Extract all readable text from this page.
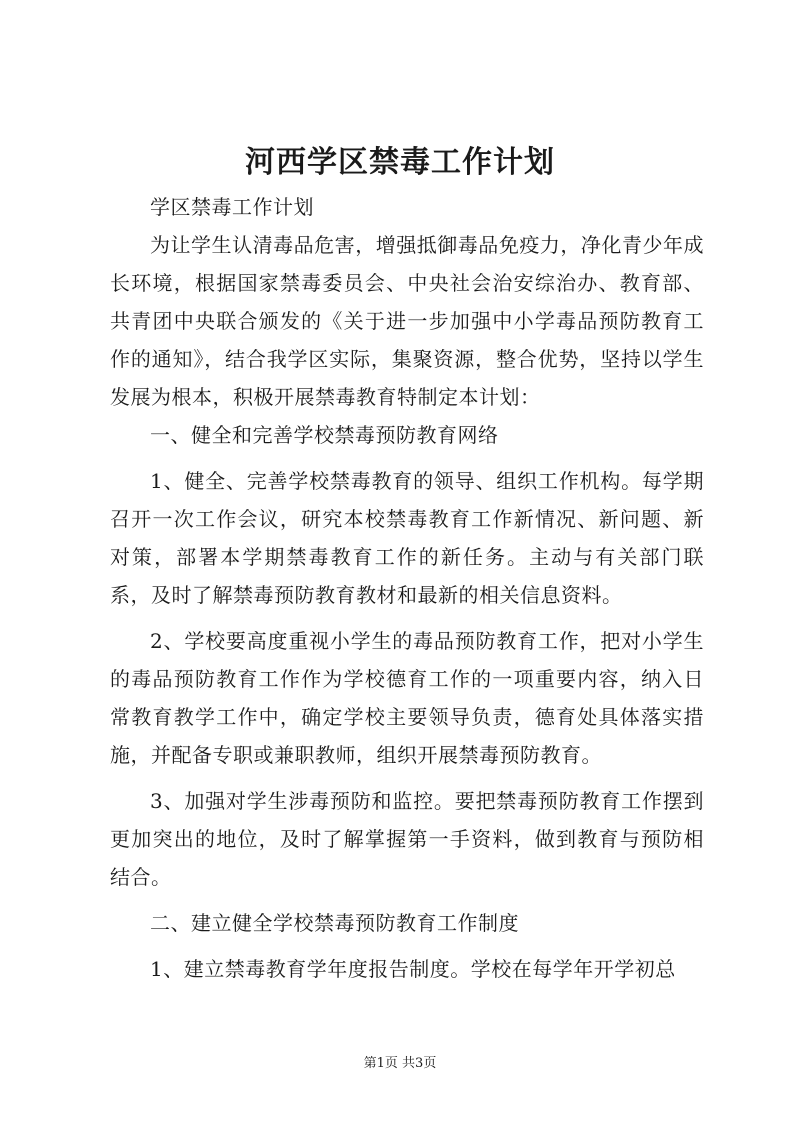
河西学区禁毒工作计划

学区禁毒工作计划

为让学生认清毒品危害，增强抵御毒品免疫力，净化青少年成长环境，根据国家禁毒委员会、中央社会治安综治办、教育部、共青团中央联合颁发的《关于进一步加强中小学毒品预防教育工作的通知》，结合我学区实际，集聚资源，整合优势，坚持以学生发展为根本，积极开展禁毒教育特制定本计划：

一、健全和完善学校禁毒预防教育网络

1、健全、完善学校禁毒教育的领导、组织工作机构。每学期召开一次工作会议，研究本校禁毒教育工作新情况、新问题、新对策，部署本学期禁毒教育工作的新任务。主动与有关部门联系，及时了解禁毒预防教育教材和最新的相关信息资料。

2、学校要高度重视小学生的毒品预防教育工作，把对小学生的毒品预防教育工作作为学校德育工作的一项重要内容，纳入日常教育教学工作中，确定学校主要领导负责，德育处具体落实措施，并配备专职或兼职教师，组织开展禁毒预防教育。

3、加强对学生涉毒预防和监控。要把禁毒预防教育工作摆到更加突出的地位，及时了解掌握第一手资料，做到教育与预防相结合。

二、建立健全学校禁毒预防教育工作制度

1、建立禁毒教育学年度报告制度。学校在每学年开学初总

第1页 共3页
